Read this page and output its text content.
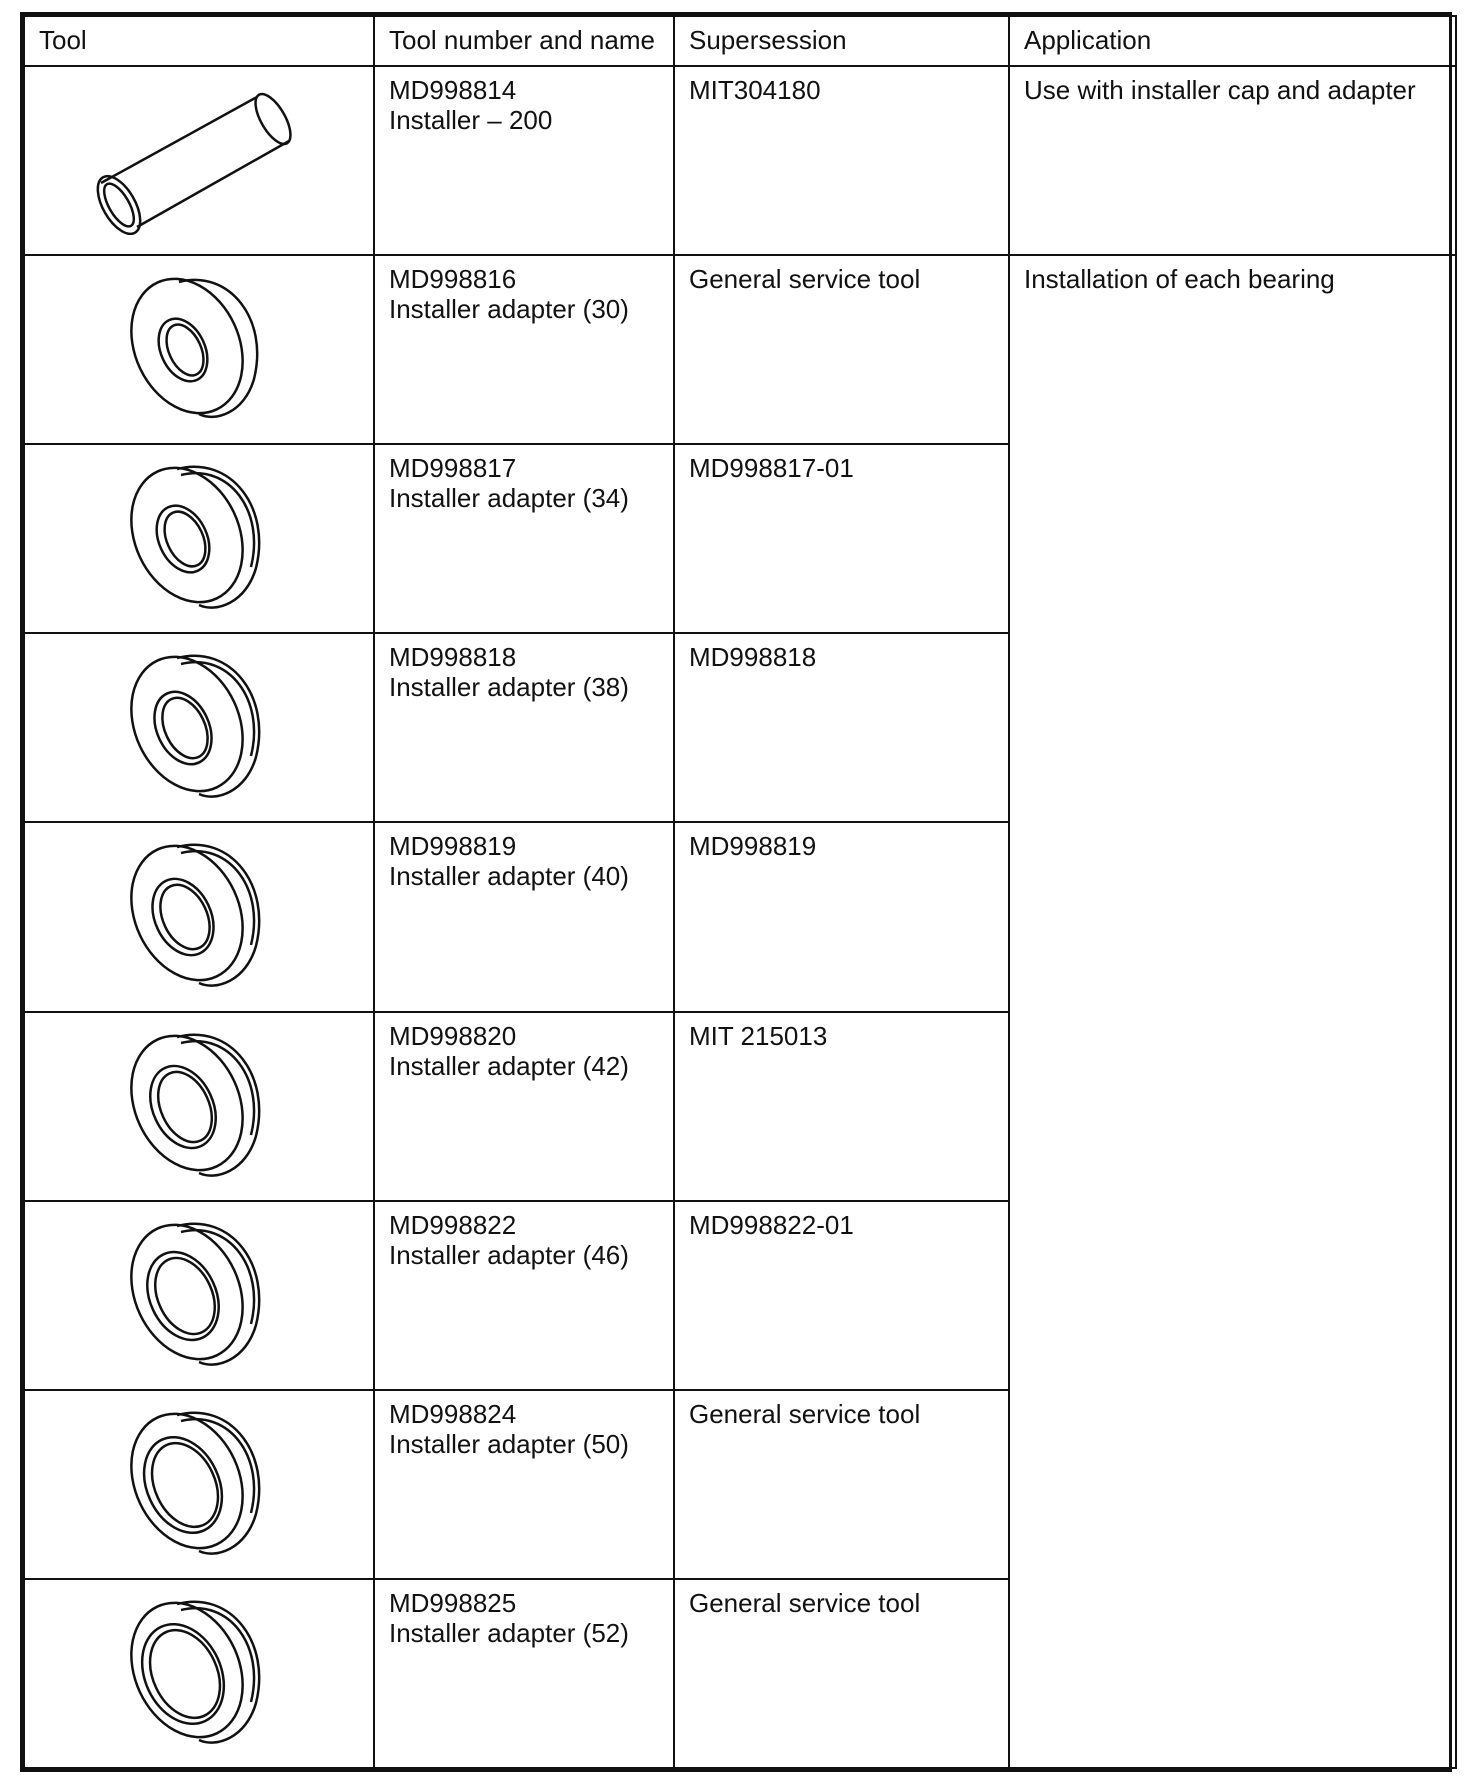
Tool	Tool number and name	Supersession	Application

MD998814
Installer – 200	MIT304180	Use with installer cap and adapter

MD998816
Installer adapter (30)	General service tool	Installation of each bearing

MD998817
Installer adapter (34)	MD998817-01	

MD998818
Installer adapter (38)	MD998818	

MD998819
Installer adapter (40)	MD998819	

MD998820
Installer adapter (42)	MIT 215013	

MD998822
Installer adapter (46)	MD998822-01	

MD998824
Installer adapter (50)	General service tool	

MD998825
Installer adapter (52)	General service tool	
